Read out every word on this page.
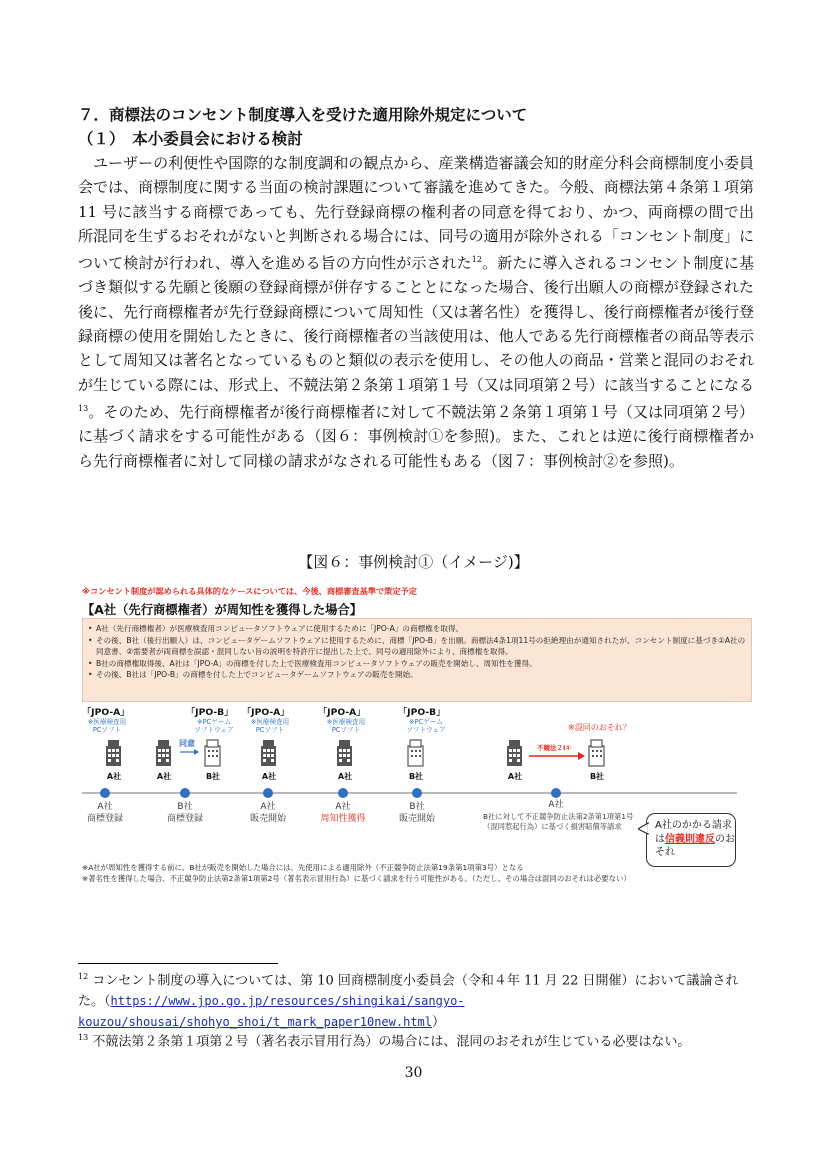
７．商標法のコンセント制度導入を受けた適用除外規定について
（１）　本小委員会における検討

　ユーザーの利便性や国際的な制度調和の観点から、産業構造審議会知的財産分科会商標制度小委員会では、商標制度に関する当面の検討課題について審議を進めてきた。今般、商標法第４条第１項第 11 号に該当する商標であっても、先行登録商標の権利者の同意を得ており、かつ、両商標の間で出所混同を生ずるおそれがないと判断される場合には、同号の適用が除外される「コンセント制度」について検討が行われ、導入を進める旨の方向性が示された$^{12}$。新たに導入されるコンセント制度に基づき類似する先願と後願の登録商標が併存することとになった場合、後行出願人の商標が登録された後に、先行商標権者が先行登録商標について周知性（又は著名性）を獲得し、後行商標権者が後行登録商標の使用を開始したときに、後行商標権者の当該使用は、他人である先行商標権者の商品等表示として周知又は著名となっているものと類似の表示を使用し、その他人の商品・営業と混同のおそれが生じている際には、形式上、不競法第２条第１項第１号（又は同項第２号）に該当することになる$^{13}$。そのため、先行商標権者が後行商標権者に対して不競法第２条第１項第１号（又は同項第２号）に基づく請求をする可能性がある（図６：事例検討①を参照)。また、これとは逆に後行商標権者から先行商標権者に対して同様の請求がなされる可能性もある（図７：事例検討②を参照)。

【図６：事例検討①（イメージ)】
※コンセント制度が認められる具体的なケースについては、今後、商標審査基準で策定予定
【A社（先行商標権者）が周知性を獲得した場合】
• A社（先行商標権者）が医療検査用コンピュータソフトウェアに使用するために「JPO-A」の商標権を取得。
• その後、B社（後行出願人）は、コンピュータゲームソフトウェアに使用するために、商標「JPO-B」を出願。商標法4条1項11号の拒絶理由が通知されたが、コンセント制度に基づき①A社の同意書、②需要者が両商標を誤認・混同しない旨の説明を特許庁に提出した上で、同号の適用除外により、商標権を取得。
• B社の商標権取得後、A社は「JPO-A」の商標を付した上で医療検査用コンピュータソフトウェアの販売を開始し、周知性を獲得。
• その後、B社は「JPO-B」の商標を付した上でコンピュータゲームソフトウェアの販売を開始。
「JPO-A」
※医療検査用
PCソフト
「JPO-B」
※PCゲーム
ソフトウェア
「JPO-A」
※医療検査用
PCソフト
「JPO-A」
※医療検査用
PCソフト
「JPO-B」
※PCゲーム
ソフトウェア	※混同のおそれ？
同意	不競法２Ⅰ①
A社	A社	B社	A社	A社	B社	A社	B社
A社
商標登録
B社
商標登録
A社
販売開始
A社
周知性獲得
B社
販売開始
A社
B社に対して不正競争防止法第2条第1項第1号（混同惹起行為）に基づく損害賠償等請求	A社のかかる請求は信義則違反のおそれ
※A社が周知性を獲得する前に、B社が販売を開始した場合には、先使用による適用除外（不正競争防止法第19条第1項第3号）となる
※著名性を獲得した場合、不正競争防止法第2条第1項第2号（著名表示冒用行為）に基づく請求を行う可能性がある。（ただし、その場合は混同のおそれは必要ない）

$^{12}$ コンセント制度の導入については、第 10 回商標制度小委員会（令和４年 11 月 22 日開催）において議論された。（https://www.jpo.go.jp/resources/shingikai/sangyo-kouzou/shousai/shohyo_shoi/t_mark_paper10new.html）

$^{13}$ 不競法第２条第１項第２号（著名表示冒用行為）の場合には、混同のおそれが生じている必要はない。

30
